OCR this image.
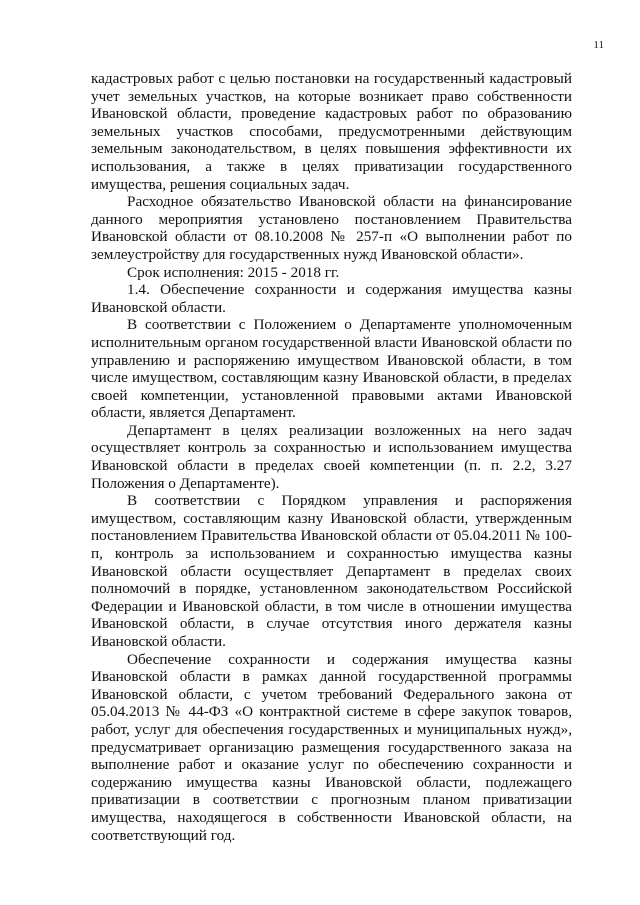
11

кадастровых работ с целью постановки на государственный кадастровый учет земельных участков, на которые возникает право собственности Ивановской области, проведение кадастровых работ по образованию земельных участков способами, предусмотренными действующим земельным законодательством, в целях повышения эффективности их использования, а также в целях приватизации государственного имущества, решения социальных задач.

Расходное обязательство Ивановской области на финансирование данного мероприятия установлено постановлением Правительства Ивановской области от 08.10.2008 № 257-п «О выполнении работ по землеустройству для государственных нужд Ивановской области».

Срок исполнения: 2015 - 2018 гг.

1.4. Обеспечение сохранности и содержания имущества казны Ивановской области.

В соответствии с Положением о Департаменте уполномоченным исполнительным органом государственной власти Ивановской области по управлению и распоряжению имуществом Ивановской области, в том числе имуществом, составляющим казну Ивановской области, в пределах своей компетенции, установленной правовыми актами Ивановской области, является Департамент.

Департамент в целях реализации возложенных на него задач осуществляет контроль за сохранностью и использованием имущества Ивановской области в пределах своей компетенции (п. п. 2.2, 3.27 Положения о Департаменте).

В соответствии с Порядком управления и распоряжения имуществом, составляющим казну Ивановской области, утвержденным постановлением Правительства Ивановской области от 05.04.2011 № 100-п, контроль за использованием и сохранностью имущества казны Ивановской области осуществляет Департамент в пределах своих полномочий в порядке, установленном законодательством Российской Федерации и Ивановской области, в том числе в отношении имущества Ивановской области, в случае отсутствия иного держателя казны Ивановской области.

Обеспечение сохранности и содержания имущества казны Ивановской области в рамках данной государственной программы Ивановской области, с учетом требований Федерального закона от 05.04.2013 № 44-ФЗ «О контрактной системе в сфере закупок товаров, работ, услуг для обеспечения государственных и муниципальных нужд», предусматривает организацию размещения государственного заказа на выполнение работ и оказание услуг по обеспечению сохранности и содержанию имущества казны Ивановской области, подлежащего приватизации в соответствии с прогнозным планом приватизации имущества, находящегося в собственности Ивановской области, на соответствующий год.
